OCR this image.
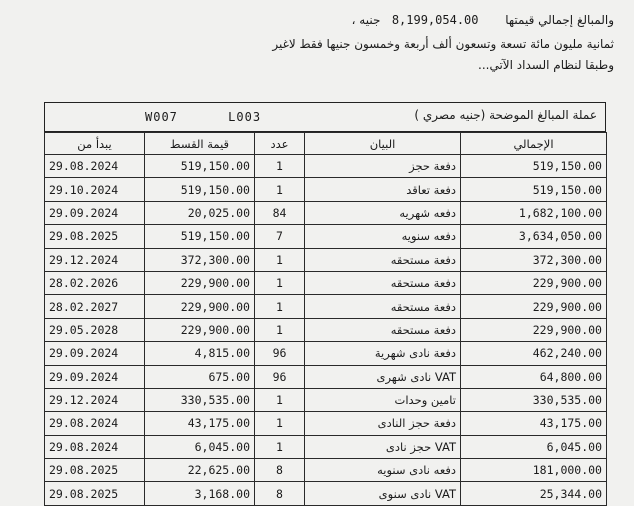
والمبالغ إجمالي قيمتها       8,199,054.00   جنيه ،
ثمانية مليون مائة تسعة وتسعون ألف أربعة وخمسون جنيها فقط لاغير
وطبقا لنظام السداد الآتي...
W007	L003	عملة المبالغ الموضحة (جنيه مصري )
يبدأ من	قيمة القسط	عدد	البيان	الإجمالي
29.08.2024	519,150.00	1	دفعة حجز	519,150.00
29.10.2024	519,150.00	1	دفعة تعاقد	519,150.00
29.09.2024	20,025.00	84	دفعه شهريه	1,682,100.00
29.08.2025	519,150.00	7	دفعه سنويه	3,634,050.00
29.12.2024	372,300.00	1	دفعة مستحقه	372,300.00
28.02.2026	229,900.00	1	دفعة مستحقه	229,900.00
28.02.2027	229,900.00	1	دفعة مستحقه	229,900.00
29.05.2028	229,900.00	1	دفعة مستحقه	229,900.00
29.09.2024	4,815.00	96	دفعة نادى شهرية	462,240.00
29.09.2024	675.00	96	VAT نادى شهرى	64,800.00
29.12.2024	330,535.00	1	تامين وحدات	330,535.00
29.08.2024	43,175.00	1	دفعة حجز النادى	43,175.00
29.08.2024	6,045.00	1	VAT حجز نادى	6,045.00
29.08.2025	22,625.00	8	دفعه نادى سنويه	181,000.00
29.08.2025	3,168.00	8	VAT نادى سنوى	25,344.00
